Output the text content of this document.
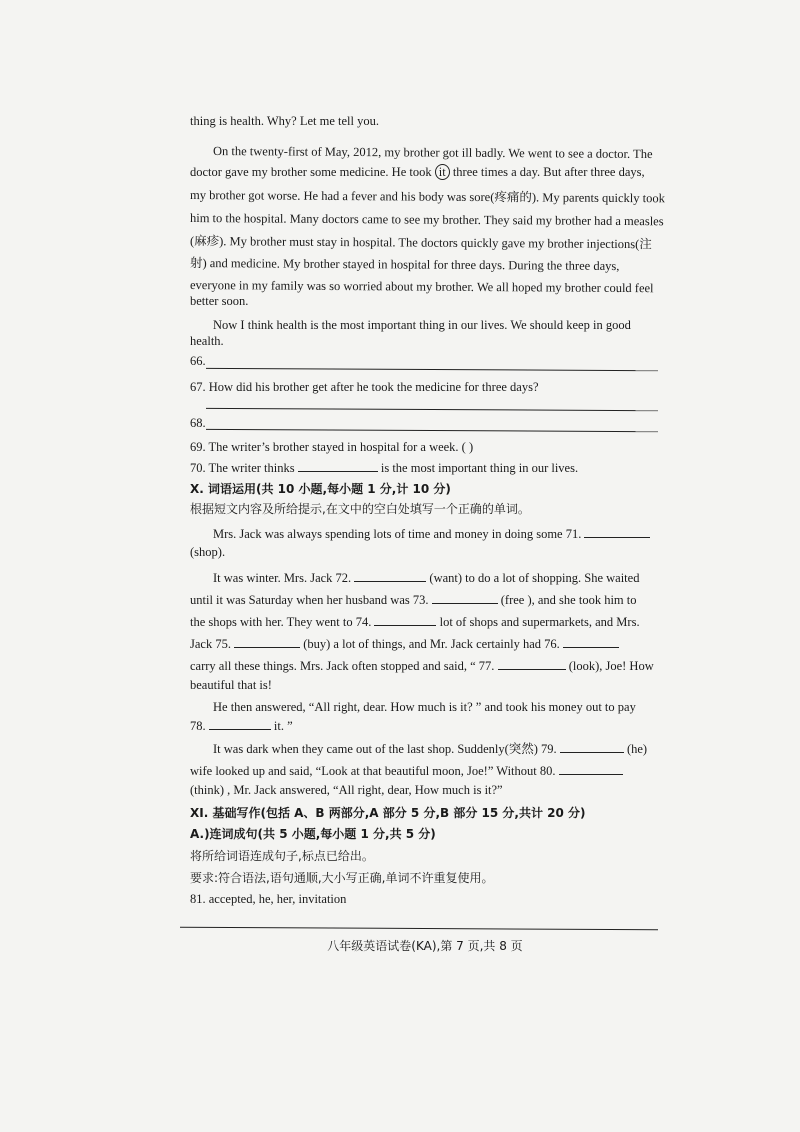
thing is health. Why? Let me tell you.
On the twenty-first of May, 2012, my brother got ill badly. We went to see a doctor. The
doctor gave my brother some medicine. He took it three times a day. But after three days,
my brother got worse. He had a fever and his body was sore(疼痛的). My parents quickly took
him to the hospital. Many doctors came to see my brother. They said my brother had a measles
(麻疹). My brother must stay in hospital. The doctors quickly gave my brother injections(注
射) and medicine. My brother stayed in hospital for three days. During the three days,
everyone in my family was so worried about my brother. We all hoped my brother could feel
better soon.
Now I think health is the most important thing in our lives. We should keep in good
health.
66.
67. How did his brother get after he took the medicine for three days?
68.
69. The writer’s brother stayed in hospital for a week. ( )
70. The writer thinks	is the most important thing in our lives.
X. 词语运用(共 10 小题,每小题 1 分,计 10 分)
根据短文内容及所给提示,在文中的空白处填写一个正确的单词。
Mrs. Jack was always spending lots of time and money in doing some 71.
(shop).
It was winter. Mrs. Jack 72.	(want) to do a lot of shopping. She waited
until it was Saturday when her husband was 73.	(free ), and she took him to
the shops with her. They went to 74.	lot of shops and supermarkets, and Mrs.
Jack 75.	(buy) a lot of things, and Mr. Jack certainly had 76.
carry all these things. Mrs. Jack often stopped and said, “ 77.	(look), Joe! How
beautiful that is!
He then answered, “All right, dear. How much is it? ” and took his money out to pay
78.	it. ”
It was dark when they came out of the last shop. Suddenly(突然) 79.	(he)
wife looked up and said, “Look at that beautiful moon, Joe!” Without 80.
(think) , Mr. Jack answered, “All right, dear, How much is it?”
XI. 基础写作(包括 A、B 两部分,A 部分 5 分,B 部分 15 分,共计 20 分)
A.)连词成句(共 5 小题,每小题 1 分,共 5 分)
将所给词语连成句子,标点已给出。
要求:符合语法,语句通顺,大小写正确,单词不许重复使用。
81. accepted, he, her, invitation
八年级英语试卷(KA),第 7 页,共 8 页
